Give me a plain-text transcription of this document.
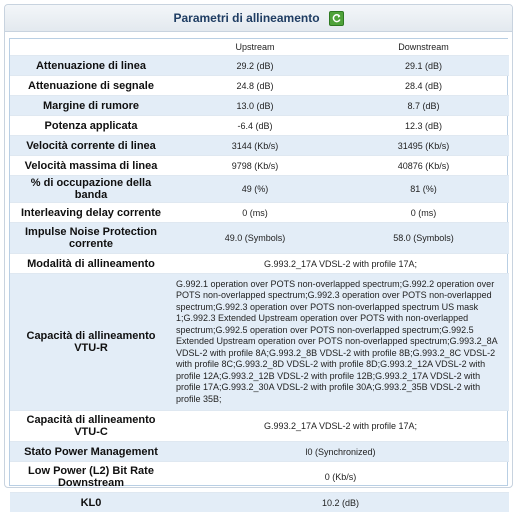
Parametri di allineamento
	Upstream	Downstream
Attenuazione di linea	29.2 (dB)	29.1 (dB)
Attenuazione di segnale	24.8 (dB)	28.4 (dB)
Margine di rumore	13.0 (dB)	8.7 (dB)
Potenza applicata	-6.4 (dB)	12.3 (dB)
Velocità corrente di linea	3144 (Kb/s)	31495 (Kb/s)
Velocità massima di linea	9798 (Kb/s)	40876 (Kb/s)
% di occupazione della banda	49 (%)	81 (%)
Interleaving delay corrente	0 (ms)	0 (ms)
Impulse Noise Protection corrente	49.0 (Symbols)	58.0 (Symbols)
Modalità di allineamento	G.993.2_17A VDSL-2 with profile 17A;	
Capacità di allineamento VTU-R	G.992.1 operation over POTS non-overlapped spectrum;G.992.2 operation over POTS non-overlapped spectrum;G.992.3 operation over POTS non-overlapped spectrum;G.992.3 operation over POTS non-overlapped spectrum US mask 1;G.992.3 Extended Upstream operation over POTS with non-overlapped spectrum;G.992.5 operation over POTS non-overlapped spectrum;G.992.5 Extended Upstream operation over POTS non-overlapped spectrum;G.993.2_8A VDSL-2 with profile 8A;G.993.2_8B VDSL-2 with profile 8B;G.993.2_8C VDSL-2 with profile 8C;G.993.2_8D VDSL-2 with profile 8D;G.993.2_12A VDSL-2 with profile 12A;G.993.2_12B VDSL-2 with profile 12B;G.993.2_17A VDSL-2 with profile 17A;G.993.2_30A VDSL-2 with profile 30A;G.993.2_35B VDSL-2 with profile 35B;	
Capacità di allineamento VTU-C	G.993.2_17A VDSL-2 with profile 17A;	
Stato Power Management	l0 (Synchronized)	
Low Power (L2) Bit Rate Downstream	0 (Kb/s)	
KL0	10.2 (dB)	
